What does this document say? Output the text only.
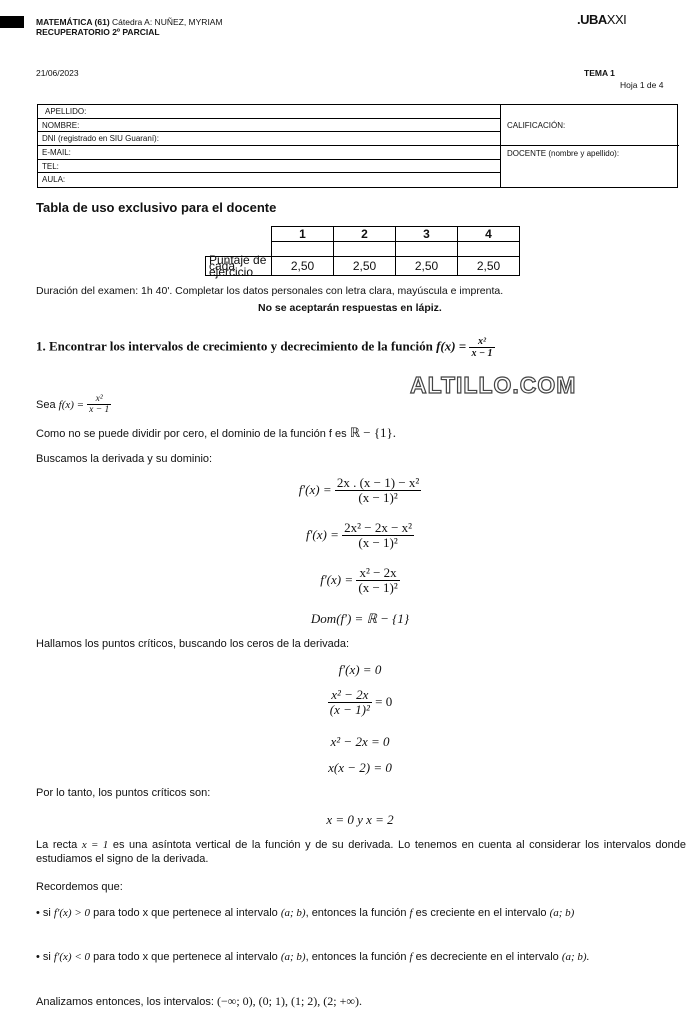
MATEMÁTICA (61) Cátedra A: NUÑEZ, MYRIAM
RECUPERATORIO 2º PARCIAL
.UBAXXI
21/06/2023	TEMA 1
Hoja 1 de 4
APELLIDO:
NOMBRE:
DNI (registrado en SIU Guaraní):
E-MAIL:
TEL:
AULA:
CALIFICACIÓN:
DOCENTE (nombre y apellido):
Tabla de uso exclusivo para el docente
	1	2	3	4

Puntaje de cada ejercicio	2,50	2,50	2,50	2,50
Duración del examen: 1h 40'. Completar los datos personales con letra clara, mayúscula e imprenta.
No se aceptarán respuestas en lápiz.
1. Encontrar los intervalos de crecimiento y decrecimiento de la función $f(x) = \frac{\text{x²}}{x - 1}$
ALTILLO.COM
Sea $f(x) = \frac{\text{x²}}{x - 1}$
Como no se puede dividir por cero, el dominio de la función f es ℝ − {1}.
Buscamos la derivada y su dominio:
$f'(x) = \frac{\text{2x . (x − 1) − x²}}{\text{(x − 1)²}}$
$f'(x) = \frac{\text{2x² − 2x − x²}}{\text{(x − 1)²}}$
$f'(x) = \frac{\text{x² − 2x}}{\text{(x − 1)²}}$
Dom(f′) = ℝ − {1}
Hallamos los puntos críticos, buscando los ceros de la derivada:
f′(x) = 0
$\frac{\text{x² − 2x}}{\text{(x − 1)²}} = 0$
x² − 2x = 0
x(x − 2) = 0
Por lo tanto, los puntos críticos son:
x = 0 y x = 2
La recta x = 1 es una asíntota vertical de la función y de su derivada. Lo tenemos en cuenta al considerar los intervalos donde estudiamos el signo de la derivada.
Recordemos que:
• si f′(x) > 0 para todo x que pertenece al intervalo (a; b), entonces la función f es creciente en el intervalo (a; b)
• si f′(x) < 0 para todo x que pertenece al intervalo (a; b), entonces la función f es decreciente en el intervalo (a; b).
Analizamos entonces, los intervalos: (−∞; 0), (0; 1), (1; 2), (2; +∞).
